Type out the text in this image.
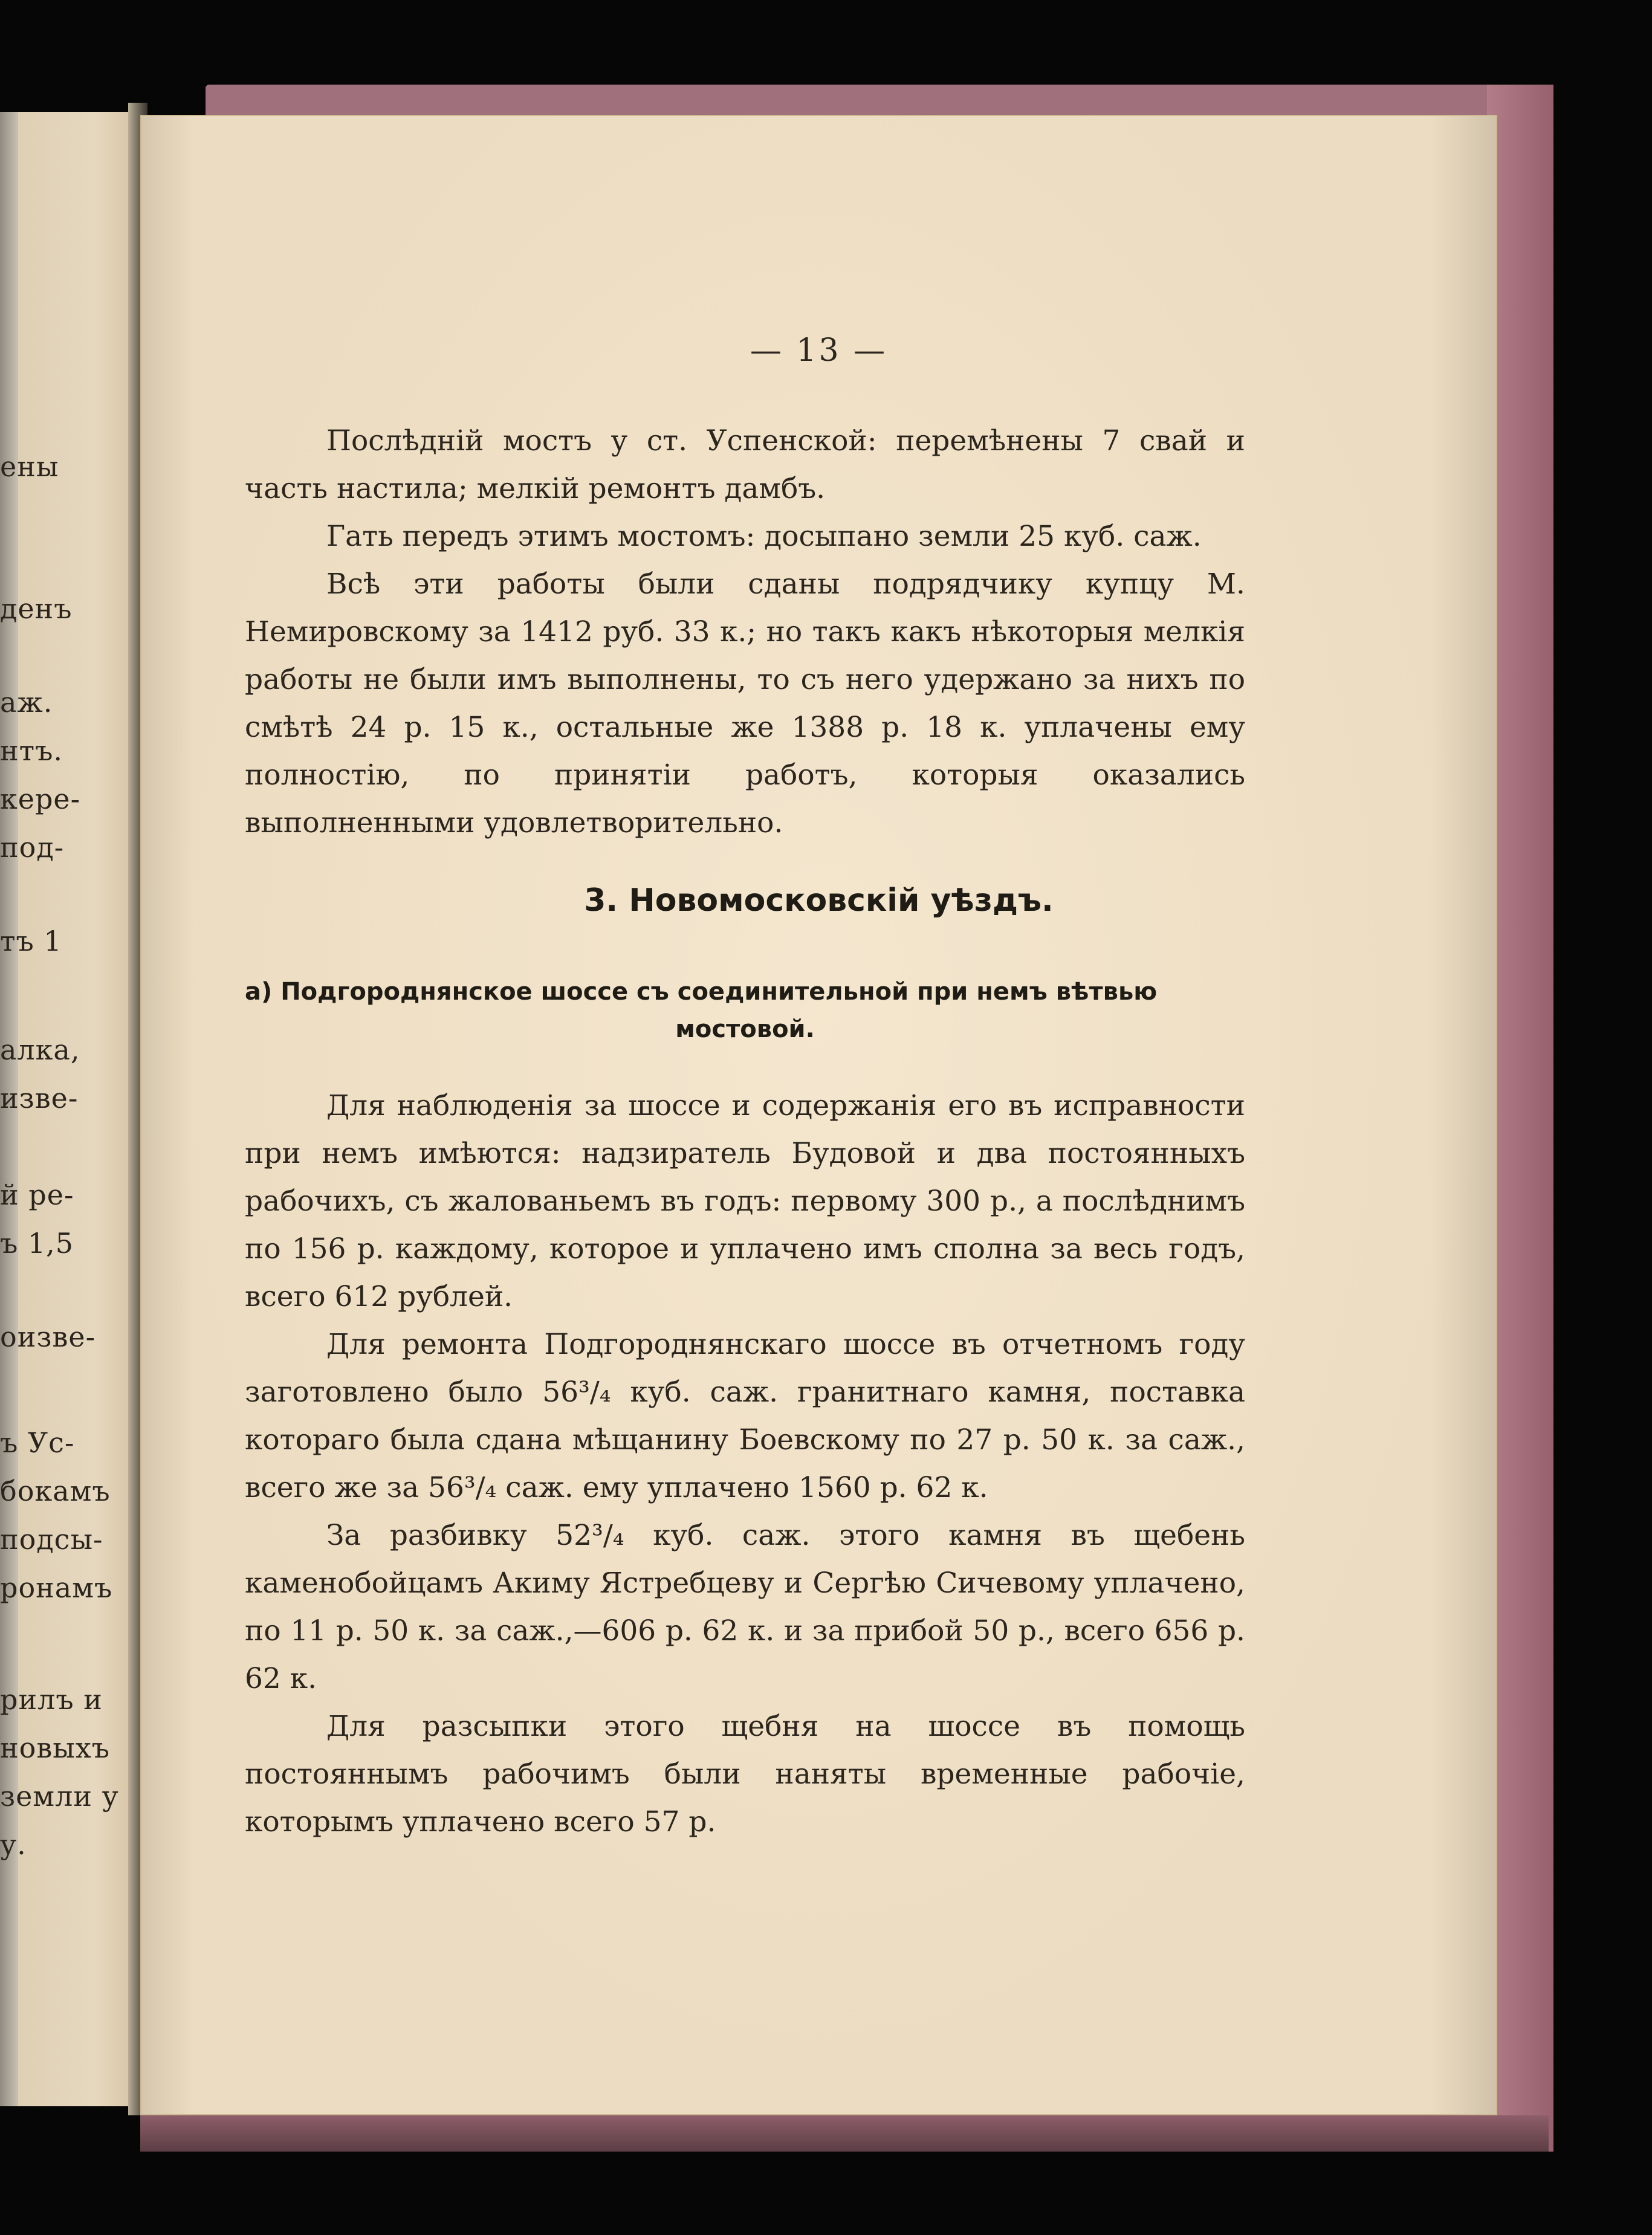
ены
денъ
аж.
нтъ.
кере-
под-
тъ 1
алка,
изве-
й ре-
ъ 1,5
оизве-
ъ Ус-
бокамъ
подсы-
ронамъ
рилъ и
новыхъ
земли у
у.
— 13 —

Послѣднiй мостъ у ст. Успенской: перемѣнены 7 свай и часть настила; мелкiй ремонтъ дамбъ.

Гать передъ этимъ мостомъ: досыпано земли 25 куб. саж.

Всѣ эти работы были сданы подрядчику купцу М. Немировскому за 1412 руб. 33 к.; но такъ какъ нѣкоторыя мелкiя работы не были имъ выполнены, то съ него удержано за нихъ по смѣтѣ 24 р. 15 к., остальные же 1388 р. 18 к. уплачены ему полностiю, по принятiи работъ, которыя оказались выполненными удовлетворительно.

3. Новомосковскiй уѣздъ.
а) Подгороднянское шоссе съ соединительной при немъ вѣтвью
мостовой.

Для наблюденiя за шоссе и содержанiя его въ исправности при немъ имѣются: надзиратель Будовой и два постоянныхъ рабочихъ, съ жалованьемъ въ годъ: первому 300 р., а послѣднимъ по 156 р. каждому, которое и уплачено имъ сполна за весь годъ, всего 612 рублей.

Для ремонта Подгороднянскаго шоссе въ отчетномъ году заготовлено было 56³/₄ куб. саж. гранитнаго камня, поставка котораго была сдана мѣщанину Боевскому по 27 р. 50 к. за саж., всего же за 56³/₄ саж. ему уплачено 1560 р. 62 к.

За разбивку 52³/₄ куб. саж. этого камня въ щебень каменобойцамъ Акиму Ястребцеву и Сергѣю Сичевому уплачено, по 11 р. 50 к. за саж.,—606 р. 62 к. и за прибой 50 р., всего 656 р. 62 к.

Для разсыпки этого щебня на шоссе въ помощь постояннымъ рабочимъ были наняты временные рабочiе, которымъ уплачено всего 57 р.
